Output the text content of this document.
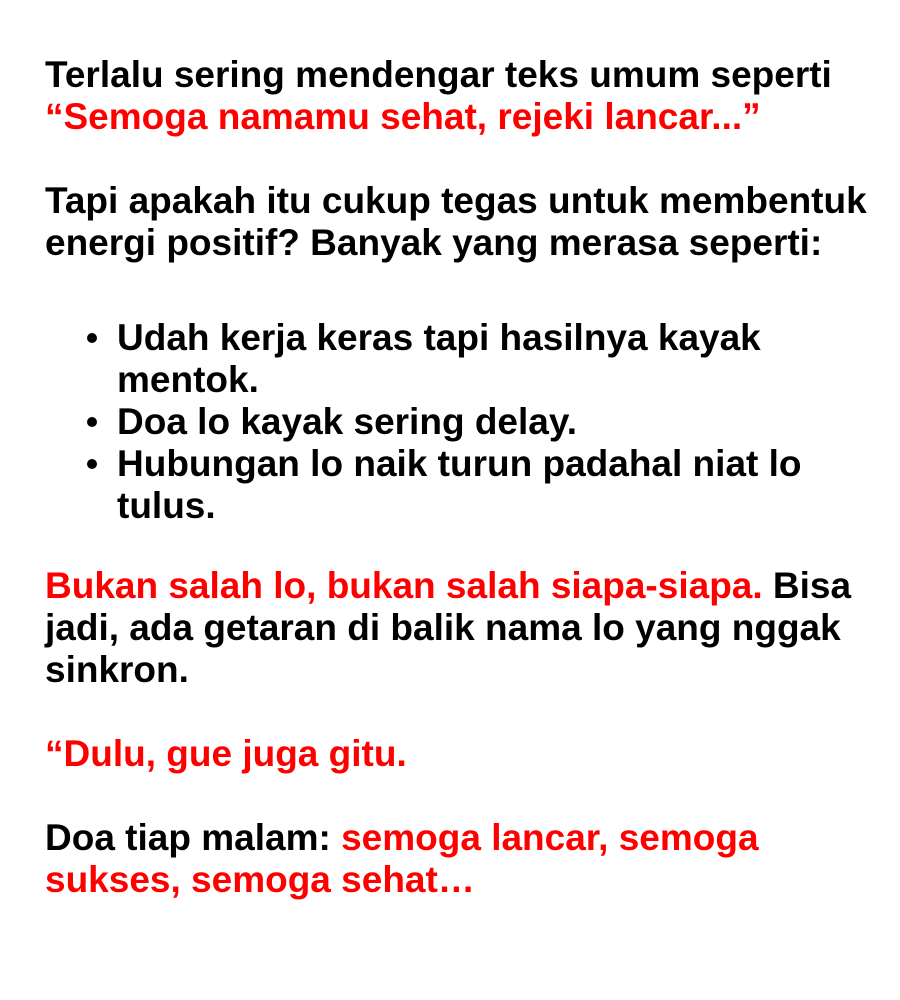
Terlalu sering mendengar teks umum seperti “Semoga namamu sehat, rejeki lancar...”

Tapi apakah itu cukup tegas untuk membentuk energi positif? Banyak yang merasa seperti:

Udah kerja keras tapi hasilnya kayak mentok.
Doa lo kayak sering delay.
Hubungan lo naik turun padahal niat lo tulus.

Bukan salah lo, bukan salah siapa-siapa. Bisa jadi, ada getaran di balik nama lo yang nggak sinkron.

“Dulu, gue juga gitu.

Doa tiap malam: semoga lancar, semoga sukses, semoga sehat…
